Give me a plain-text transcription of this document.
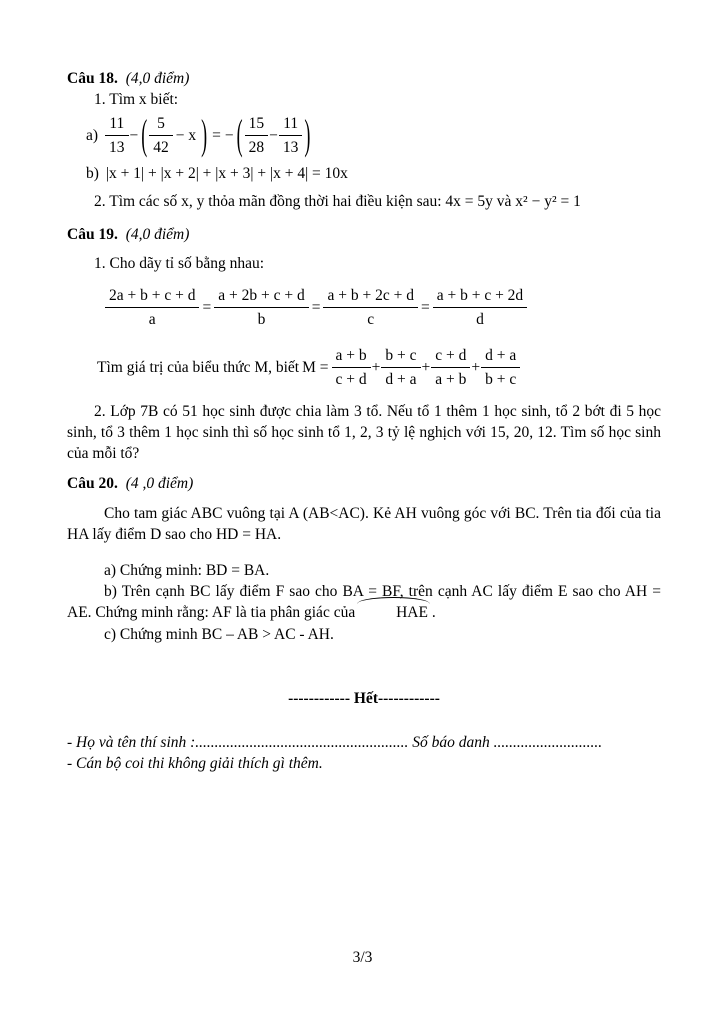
Câu 18. (4,0 điểm)

1. Tìm x biết:

$a) \frac{11}{13}$ − ( $\frac{5}{42} - x$ ) = − ( $\frac{15}{28} - \frac{11}{13}$ )
b) |x + 1| + |x + 2| + |x + 3| + |x + 4| = 10x

2. Tìm các số x, y thỏa mãn đồng thời hai điều kiện sau: 4x = 5y và x² − y² = 1

Câu 19. (4,0 điểm)

1. Cho dãy tỉ số bằng nhau:

$\frac{2a + b + c + d}{a} = \frac{a + 2b + c + d}{b} = \frac{a + b + 2c + d}{c} = \frac{a + b + c + 2d}{d}$
Tìm giá trị của biểu thức M, biết $M = \frac{a + b}{c + d} + \frac{b + c}{d + a} + \frac{c + d}{a + b} + \frac{d + a}{b + c}$

2. Lớp 7B có 51 học sinh được chia làm 3 tổ. Nếu tổ 1 thêm 1 học sinh, tổ 2 bớt đi 5 học sinh, tổ 3 thêm 1 học sinh thì số học sinh tổ 1, 2, 3 tỷ lệ nghịch với 15, 20, 12. Tìm số học sinh của mỗi tổ?

Câu 20. (4 ,0 điểm)

Cho tam giác ABC vuông tại A (AB<AC). Kẻ AH vuông góc với BC. Trên tia đối của tia HA lấy điểm D sao cho HD = HA.

a) Chứng minh: BD = BA.

b) Trên cạnh BC lấy điểm F sao cho BA = BF, trên cạnh AC lấy điểm E sao cho AH = AE. Chứng minh rằng: AF là tia phân giác của HAE .

c) Chứng minh BC – AB > AC - AH.

------------ Hết------------

- Họ và tên thí sinh :....................................................... Số báo danh ............................

- Cán bộ coi thi không giải thích gì thêm.

3/3
